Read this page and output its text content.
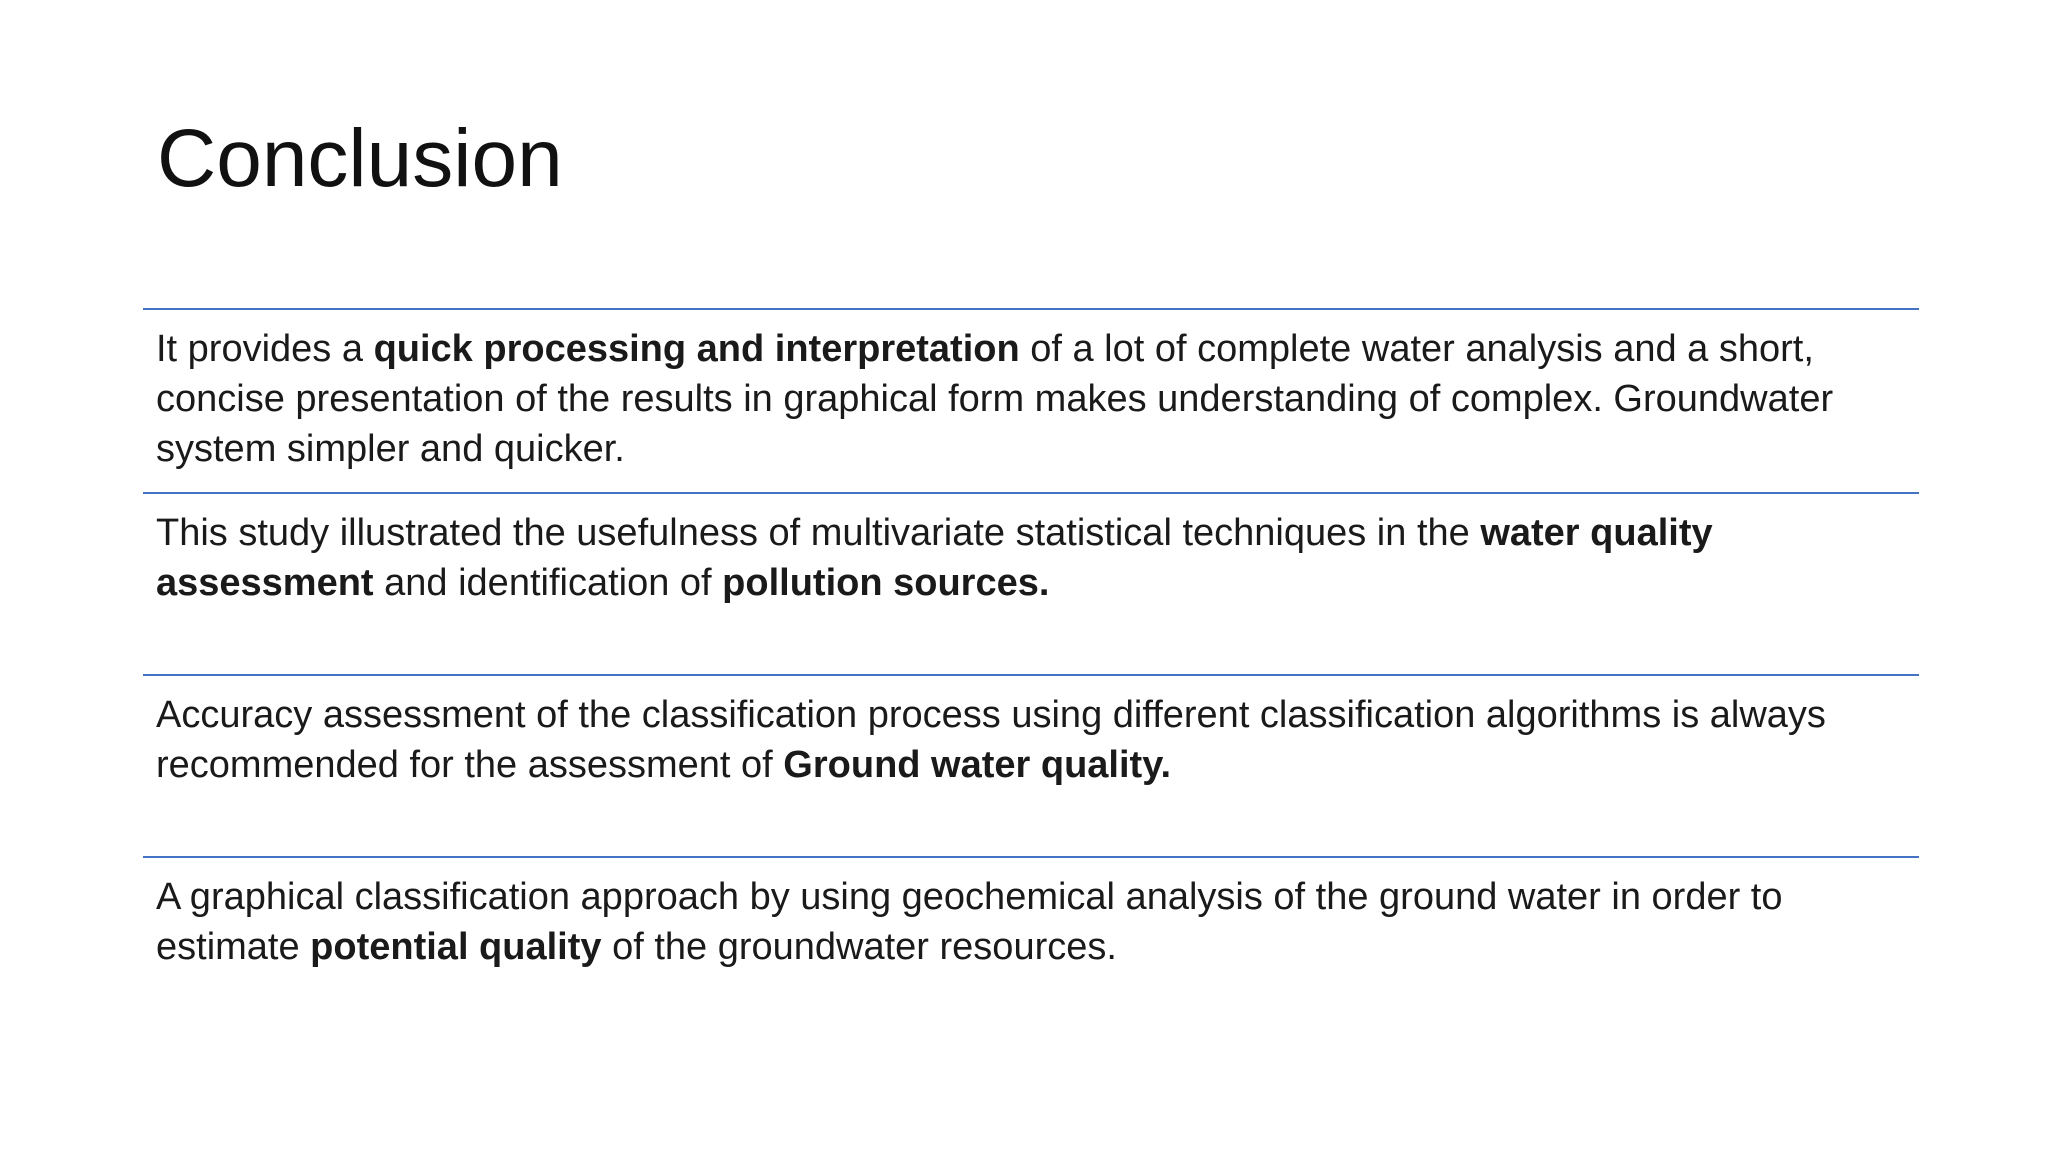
Conclusion
It provides a quick processing and interpretation of a lot of complete water analysis and a short, concise presentation of the results in graphical form makes understanding of complex. Groundwater system simpler and quicker.
This study illustrated the usefulness of multivariate statistical techniques in the water quality assessment and identification of pollution sources.
Accuracy assessment of the classification process using different classification algorithms is always recommended for the assessment of Ground water quality.
A graphical classification approach by using geochemical analysis of the ground water in order to estimate potential quality of the groundwater resources.
